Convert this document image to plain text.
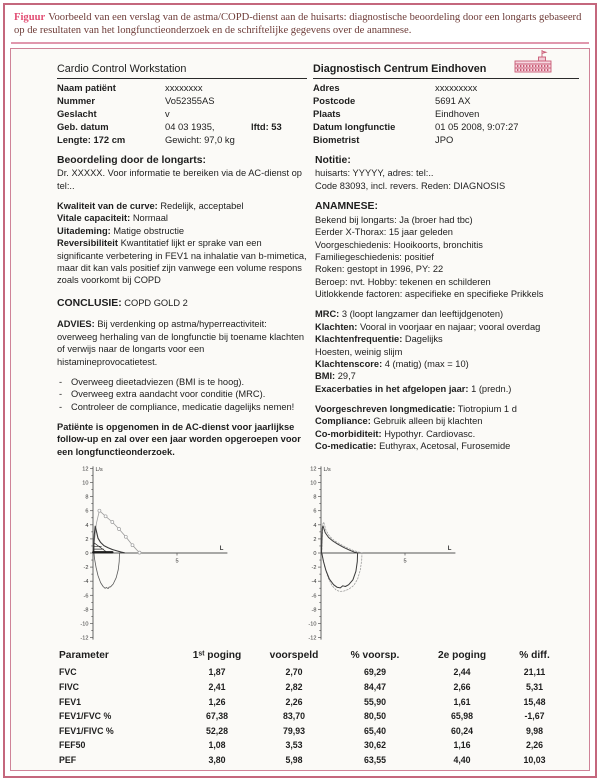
Figuur Voorbeeld van een verslag van de astma/COPD-dienst aan de huisarts: diagnostische beoordeling door een longarts gebaseerd op de resultaten van het longfunctieonderzoek en de schriftelijke gegevens over de anamnese.
Cardio Control Workstation
Naam patiënt	xxxxxxxx
Nummer	Vo52355AS
Geslacht	v
Geb. datum	04 03 1935,	lftd: 53
Lengte: 172 cm	Gewicht: 97,0 kg
Diagnostisch Centrum Eindhoven
Adres	xxxxxxxxx
Postcode	5691 AX
Plaats	Eindhoven
Datum longfunctie	01 05 2008, 9:07:27
Biometrist	JPO
Beoordeling door de longarts:
Dr. XXXXX. Voor informatie te bereiken via de AC-dienst op tel:..
Kwaliteit van de curve: Redelijk, acceptabel
Vitale capaciteit: Normaal
Uitademing: Matige obstructie
Reversibiliteit Kwantitatief lijkt er sprake van een significante verbetering in FEV1 na inhalatie van b-mimetica, maar dit kan vals positief zijn vanwege een volume respons zoals voorkomt bij COPD
CONCLUSIE: COPD GOLD 2
ADVIES: Bij verdenking op astma/hyperreactiviteit: overweeg herhaling van de longfunctie bij toename klachten of verwijs naar de longarts voor een histamineprovocatietest.
- Overweeg dieetadviezen (BMI is te hoog).
- Overweeg extra aandacht voor conditie (MRC).
- Controleer de compliance, medicatie dagelijks nemen!
Patiënte is opgenomen in de AC-dienst voor jaarlijkse follow-up en zal over een jaar worden opgeroepen voor een longfunctieonderzoek.
Notitie:
huisarts: YYYYY, adres: tel:..
Code 83093, incl. revers. Reden: DIAGNOSIS
ANAMNESE:
Bekend bij longarts: Ja (broer had tbc)
Eerder X-Thorax: 15 jaar geleden
Voorgeschiedenis: Hooikoorts, bronchitis
Familiegeschiedenis: positief
Roken: gestopt in 1996, PY: 22
Beroep: nvt. Hobby: tekenen en schilderen
Uitlokkende factoren: aspecifieke en specifieke Prikkels
MRC: 3 (loopt langzamer dan leeftijdgenoten)
Klachten: Vooral in voorjaar en najaar; vooral overdag
Klachtenfrequentie: Dagelijks
Hoesten, weinig slijm
Klachtenscore: 4 (matig) (max = 10)
BMI: 29,7
Exacerbaties in het afgelopen jaar: 1 (predn.)
Voorgeschreven longmedicatie: Tiotropium 1 d
Compliance: Gebruik alleen bij klachten
Co-morbiditeit: Hypothyr. Cardiovasc.
Co-medicatie: Euthyrax, Acetosal, Furosemide
-12
-10
-8
-6
-4
-2
0
2
4
6
8
10
12
5
L/s
L
-12
-10
-8
-6
-4
-2
0
2
4
6
8
10
12
5
L/s
L
Parameter	1ˢᵗ poging	voorspeld	% voorsp.	2e poging	% diff.
FVC	1,87	2,70	69,29	2,44	21,11
FIVC	2,41	2,82	84,47	2,66	5,31
FEV1	1,26	2,26	55,90	1,61	15,48
FEV1/FVC %	67,38	83,70	80,50	65,98	-1,67
FEV1/FIVC %	52,28	79,93	65,40	60,24	9,98
FEF50	1,08	3,53	30,62	1,16	2,26
PEF	3,80	5,98	63,55	4,40	10,03
